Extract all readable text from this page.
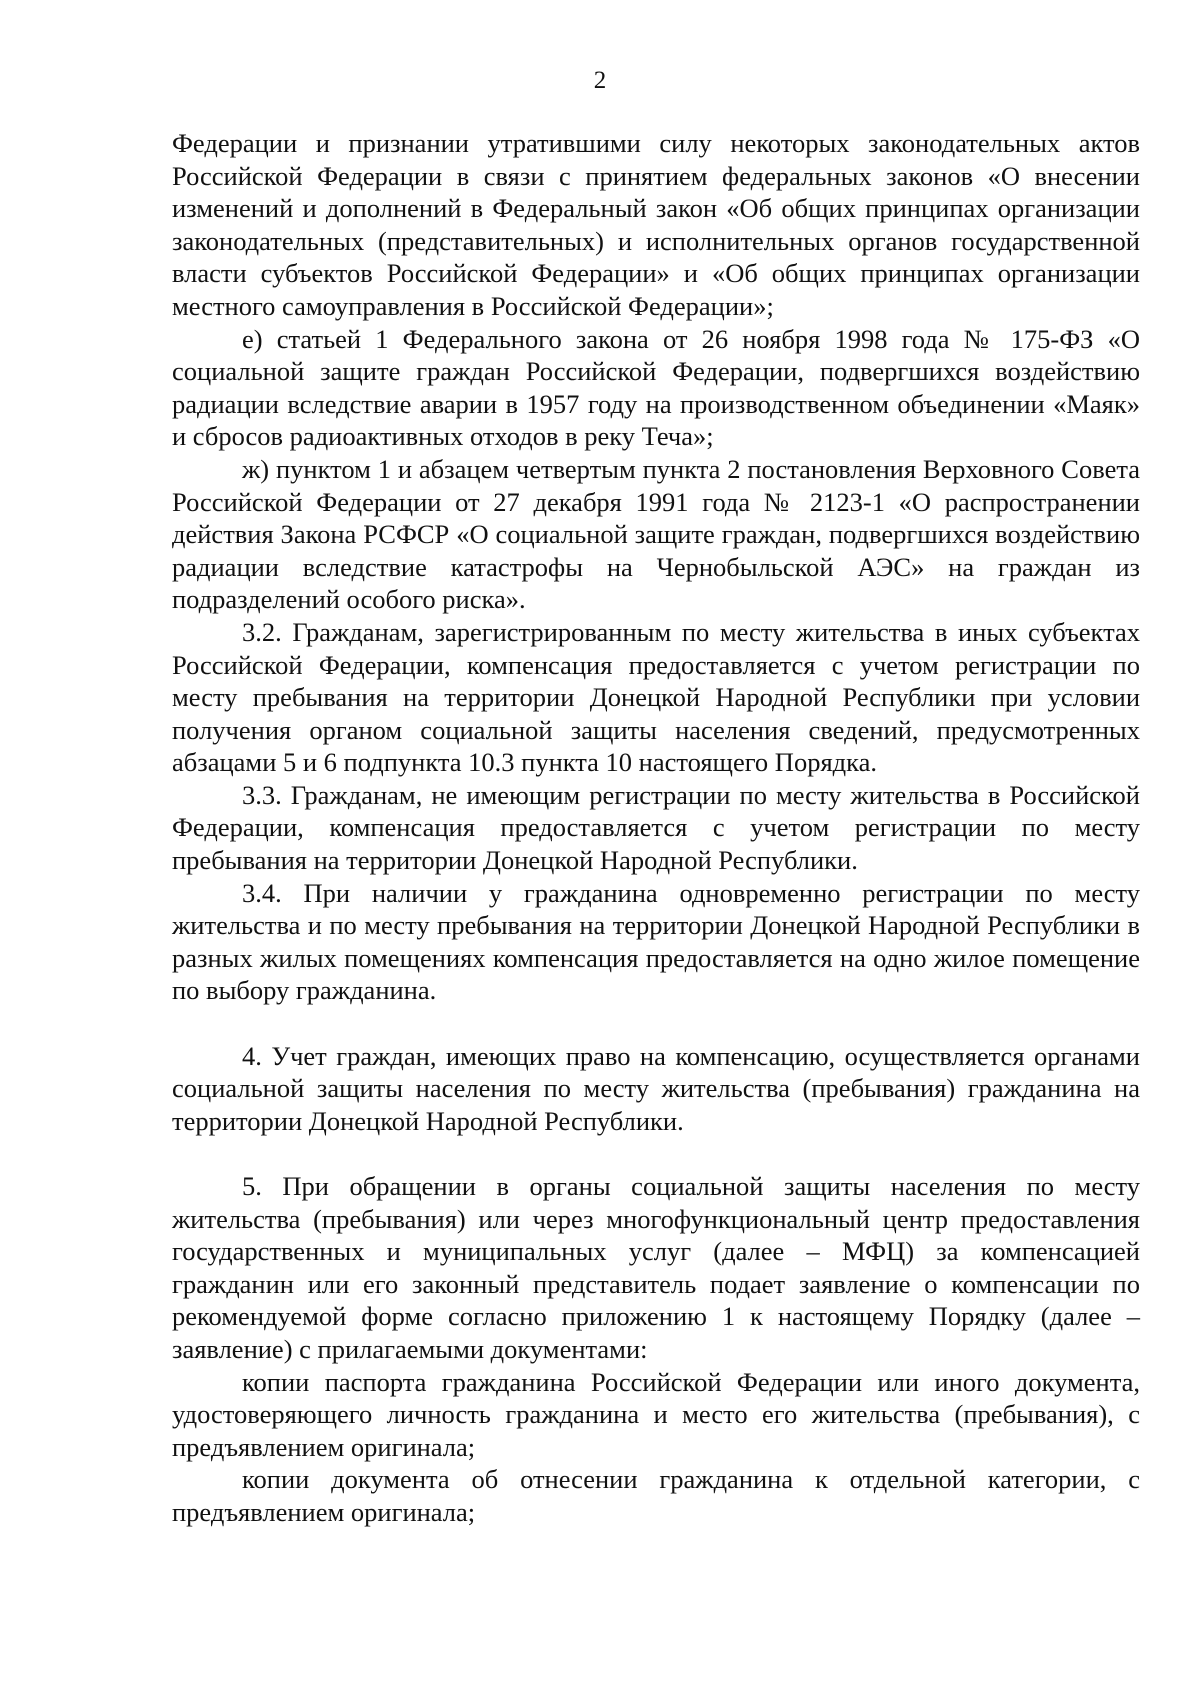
2

Федерации и признании утратившими силу некоторых законодательных актов Российской Федерации в связи с принятием федеральных законов «О внесении изменений и дополнений в Федеральный закон «Об общих принципах организации законодательных (представительных) и исполнительных органов государственной власти субъектов Российской Федерации» и «Об общих принципах организации местного самоуправления в Российской Федерации»;

е) статьей 1 Федерального закона от 26 ноября 1998 года № 175-ФЗ «О социальной защите граждан Российской Федерации, подвергшихся воздействию радиации вследствие аварии в 1957 году на производственном объединении «Маяк» и сбросов радиоактивных отходов в реку Теча»;

ж) пунктом 1 и абзацем четвертым пункта 2 постановления Верховного Совета Российской Федерации от 27 декабря 1991 года № 2123-1 «О распространении действия Закона РСФСР «О социальной защите граждан, подвергшихся воздействию радиации вследствие катастрофы на Чернобыльской АЭС» на граждан из подразделений особого риска».

3.2. Гражданам, зарегистрированным по месту жительства в иных субъектах Российской Федерации, компенсация предоставляется с учетом регистрации по месту пребывания на территории Донецкой Народной Республики при условии получения органом социальной защиты населения сведений, предусмотренных абзацами 5 и 6 подпункта 10.3 пункта 10 настоящего Порядка.

3.3. Гражданам, не имеющим регистрации по месту жительства в Российской Федерации, компенсация предоставляется с учетом регистрации по месту пребывания на территории Донецкой Народной Республики.

3.4. При наличии у гражданина одновременно регистрации по месту жительства и по месту пребывания на территории Донецкой Народной Республики в разных жилых помещениях компенсация предоставляется на одно жилое помещение по выбору гражданина.

4. Учет граждан, имеющих право на компенсацию, осуществляется органами социальной защиты населения по месту жительства (пребывания) гражданина на территории Донецкой Народной Республики.

5. При обращении в органы социальной защиты населения по месту жительства (пребывания) или через многофункциональный центр предоставления государственных и муниципальных услуг (далее – МФЦ) за компенсацией гражданин или его законный представитель подает заявление о компенсации по рекомендуемой форме согласно приложению 1 к настоящему Порядку (далее – заявление) с прилагаемыми документами:

копии паспорта гражданина Российской Федерации или иного документа, удостоверяющего личность гражданина и место его жительства (пребывания), с предъявлением оригинала;

копии документа об отнесении гражданина к отдельной категории, с предъявлением оригинала;
